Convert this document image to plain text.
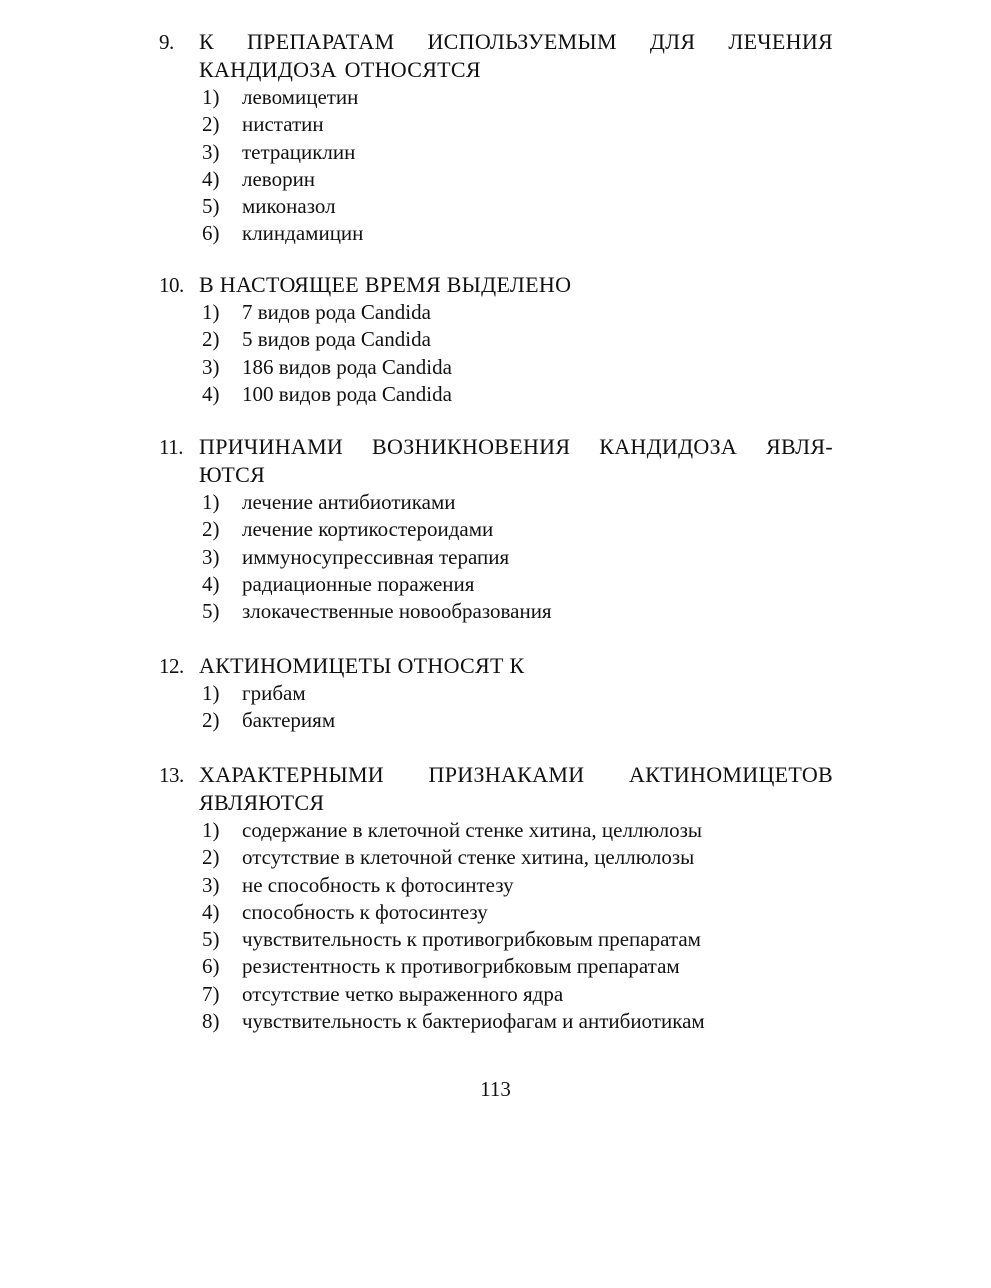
9.	К ПРЕПАРАТАМ ИСПОЛЬЗУЕМЫМ ДЛЯ ЛЕЧЕНИЯ КАНДИДОЗА ОТНОСЯТСЯ
1)	левомицетин
2)	нистатин
3)	тетрациклин
4)	леворин
5)	миконазол
6)	клиндамицин
10. В НАСТОЯЩЕЕ ВРЕМЯ ВЫДЕЛЕНО
1)	7 видов рода Candida
2)	5 видов рода Candida
3)	186 видов рода Candida
4)	100 видов рода Candida
11. ПРИЧИНАМИ ВОЗНИКНОВЕНИЯ КАНДИДОЗА ЯВЛЯ-ЮТСЯ
1)	лечение антибиотиками
2)	лечение кортикостероидами
3)	иммуносупрессивная терапия
4)	радиационные поражения
5)	злокачественные новообразования
12. АКТИНОМИЦЕТЫ ОТНОСЯТ К
1)	грибам
2)	бактериям
13. ХАРАКТЕРНЫМИ ПРИЗНАКАМИ АКТИНОМИЦЕТОВ ЯВЛЯЮТСЯ
1)	содержание в клеточной стенке хитина, целлюлозы
2)	отсутствие в клеточной стенке хитина, целлюлозы
3)	не способность к фотосинтезу
4)	способность к фотосинтезу
5)	чувствительность к противогрибковым препаратам
6)	резистентность к противогрибковым препаратам
7)	отсутствие четко выраженного ядра
8)	чувствительность к бактериофагам и антибиотикам
113
